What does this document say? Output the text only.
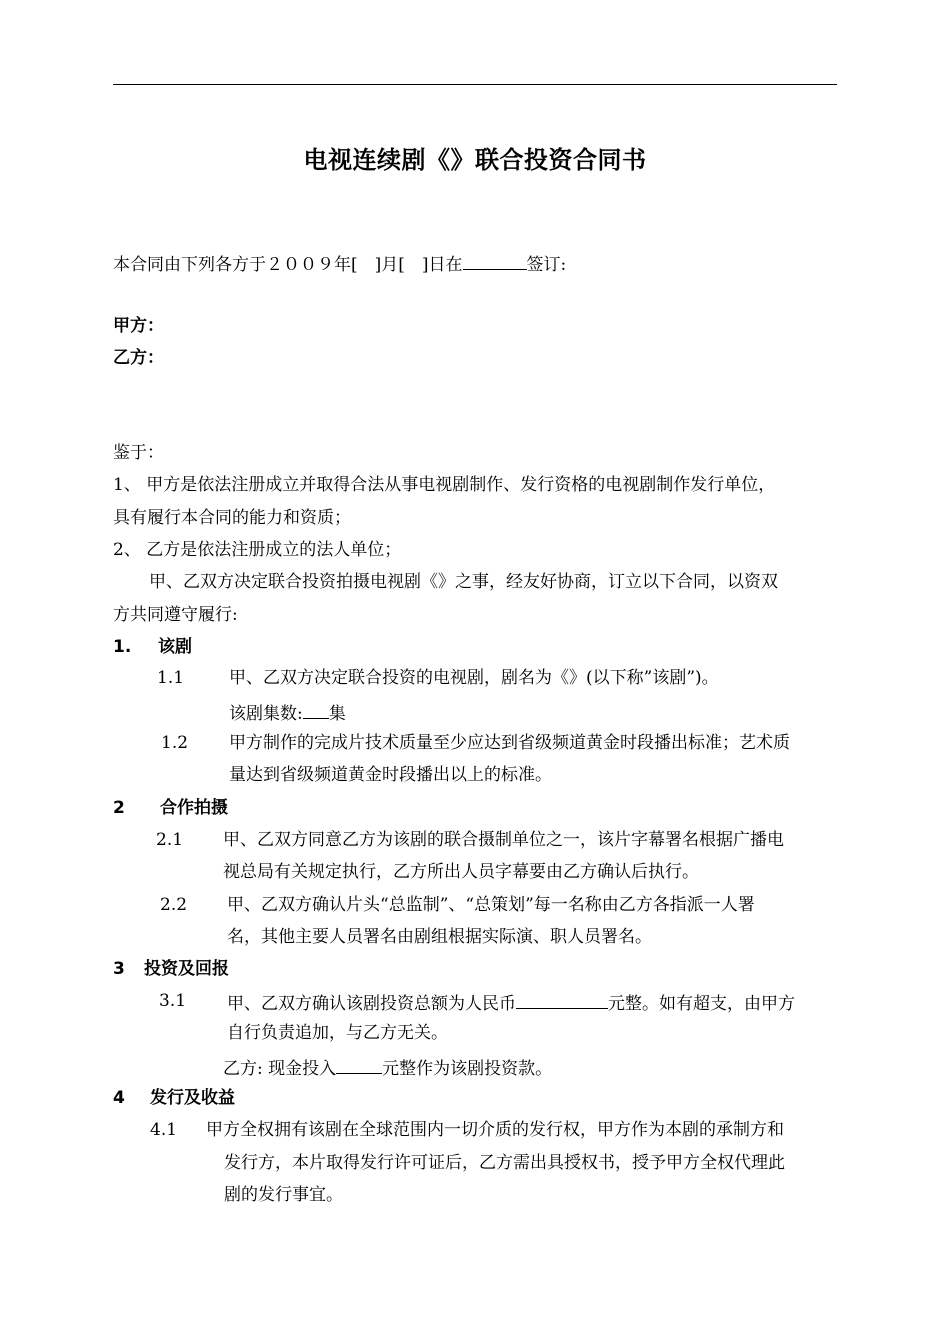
电视连续剧《》联合投资合同书
本合同由下列各方于２００９年[　]月[　]日在	签订:
甲方：
乙方：
鉴于：
1、 甲方是依法注册成立并取得合法从事电视剧制作、发行资格的电视剧制作发行单位，
具有履行本合同的能力和资质；
2、 乙方是依法注册成立的法人单位；
甲、乙双方决定联合投资拍摄电视剧《》之事，经友好协商，订立以下合同，以资双
方共同遵守履行:
1. 该剧
1.1	甲、乙双方决定联合投资的电视剧，剧名为《》(以下称”该剧”)。
该剧集数: 集
1.2 甲方制作的完成片技术质量至少应达到省级频道黄金时段播出标准；艺术质
量达到省级频道黄金时段播出以上的标准。
2 合作拍摄
2.1 甲、乙双方同意乙方为该剧的联合摄制单位之一，该片字幕署名根据广播电
视总局有关规定执行，乙方所出人员字幕要由乙方确认后执行。
2.2 甲、乙双方确认片头“总监制”、“总策划”每一名称由乙方各指派一人署
名，其他主要人员署名由剧组根据实际演、职人员署名。
3 投资及回报
3.1 甲、乙双方确认该剧投资总额为人民币	元整。如有超支，由甲方
自行负责追加，与乙方无关。
乙方: 现金投入	元整作为该剧投资款。
4 发行及收益
4.1 甲方全权拥有该剧在全球范围内一切介质的发行权，甲方作为本剧的承制方和
发行方，本片取得发行许可证后，乙方需出具授权书，授予甲方全权代理此
剧的发行事宜。
